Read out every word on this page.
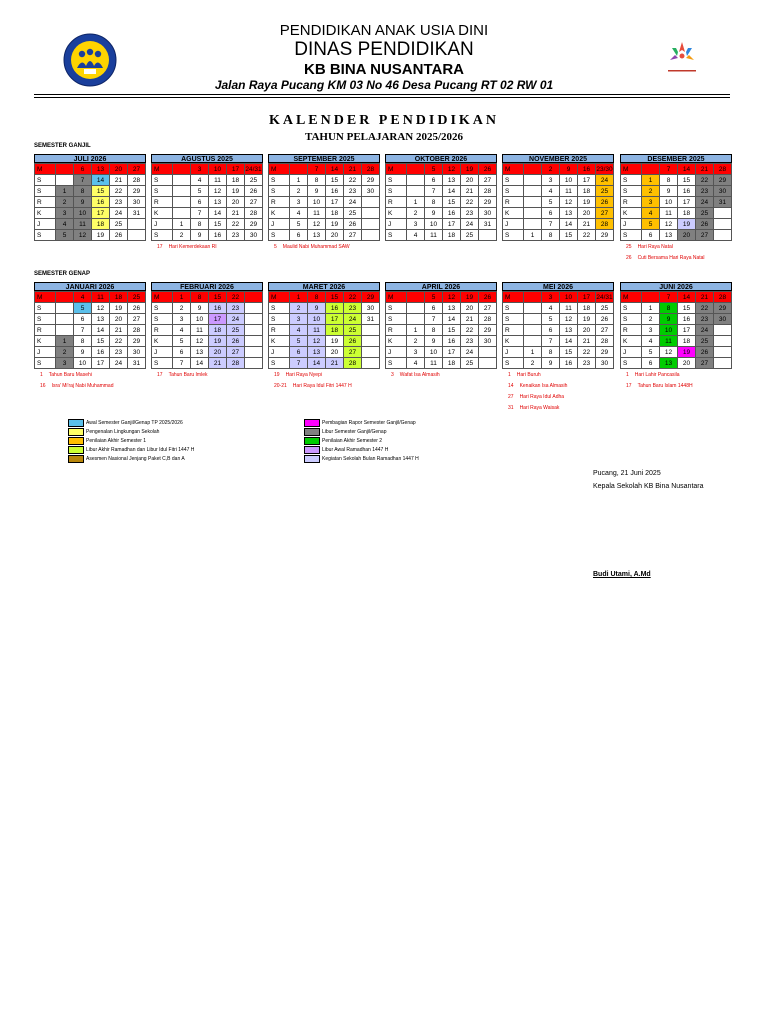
PENDIDIKAN ANAK USIA DINI
DINAS PENDIDIKAN
KB BINA NUSANTARA
Jalan Raya Pucang KM 03 No 46 Desa Pucang RT 02 RW 01
KALENDER PENDIDIKAN
TAHUN PELAJARAN 2025/2026
SEMESTER GANJIL
JULI 2026
M		6	13	20	27
S		7	14	21	28
S	1	8	15	22	29
R	2	9	16	23	30
K	3	10	17	24	31
J	4	11	18	25	
S	5	12	19	26	
AGUSTUS 2025
M		3	10	17	24/31
S		4	11	18	25
S		5	12	19	26
R		6	13	20	27
K		7	14	21	28
J	1	8	15	22	29
S	2	9	16	23	30
17 Hari Kemerdekaan RI
SEPTEMBER 2025
M		7	14	21	28
S	1	8	15	22	29
S	2	9	16	23	30
R	3	10	17	24	
K	4	11	18	25	
J	5	12	19	26	
S	6	13	20	27	
5 Maulid Nabi Muhammad SAW
OKTOBER 2026
M		5	12	19	26
S		6	13	20	27
S		7	14	21	28
R	1	8	15	22	29
K	2	9	16	23	30
J	3	10	17	24	31
S	4	11	18	25	
NOVEMBER 2025
M		2	9	16	23/30
S		3	10	17	24
S		4	11	18	25
R		5	12	19	26
K		6	13	20	27
J		7	14	21	28
S	1	8	15	22	29
DESEMBER 2025
M		7	14	21	28
S	1	8	15	22	29
S	2	9	16	23	30
R	3	10	17	24	31
K	4	11	18	25	
J	5	12	19	26	
S	6	13	20	27	
25 Hari Raya Natal
26 Cuti Bersama Hari Raya Natal
SEMESTER GENAP
JANUARI 2026
M		4	11	18	25
S		5	12	19	26
S		6	13	20	27
R		7	14	21	28
K	1	8	15	22	29
J	2	9	16	23	30
S	3	10	17	24	31
1 Tahun Baru Masehi
16 Isra' Mi'raj Nabi Muhammad
FEBRUARI 2026
M	1	8	15	22	
S	2	9	16	23	
S	3	10	17	24	
R	4	11	18	25	
K	5	12	19	26	
J	6	13	20	27	
S	7	14	21	28	
17 Tahun Baru Imlek
MARET 2026
M	1	8	15	22	29
S	2	9	16	23	30
S	3	10	17	24	31
R	4	11	18	25	
K	5	12	19	26	
J	6	13	20	27	
S	7	14	21	28	
19 Hari Raya Nyepi
20-21 Hari Raya Idul Fitri 1447 H
APRIL 2026
M		5	12	19	26
S		6	13	20	27
S		7	14	21	28
R	1	8	15	22	29
K	2	9	16	23	30
J	3	10	17	24	
S	4	11	18	25	
3 Wafat Isa Almasih
MEI 2026
M		3	10	17	24/31
S		4	11	18	25
S		5	12	19	26
R		6	13	20	27
K		7	14	21	28
J	1	8	15	22	29
S	2	9	16	23	30
1 Hari Buruh
14 Kenaikan Isa Almasih
27 Hari Raya Idul Adha
31 Hari Raya Waisak
JUNI 2026
M		7	14	21	28
S	1	8	15	22	29
S	2	9	16	23	30
R	3	10	17	24	
K	4	11	18	25	
J	5	12	19	26	
S	6	13	20	27	
1 Hari Lahir Pancasila
17 Tahun Baru Islam 1448H
Awal Semester Ganjil/Genap TP 2025/2026
Pengenalan Lingkungan Sekolah
Penilaian Akhir Semester 1
Libur Akhir Ramadhan dan Libur Idul Fitri 1447 H
Asesmen Nasional Jenjang Paket C,B dan A
Pembagian Rapor Semester Ganjil/Genap
Libur Semester Ganjil/Genap
Penilaian Akhir Semester 2
Libur Awal Ramadhan 1447 H
Kegiatan Sekolah Bulan Ramadhan 1447 H
Pucang, 21 Juni 2025
Kepala Sekolah KB Bina Nusantara
Budi Utami, A.Md
